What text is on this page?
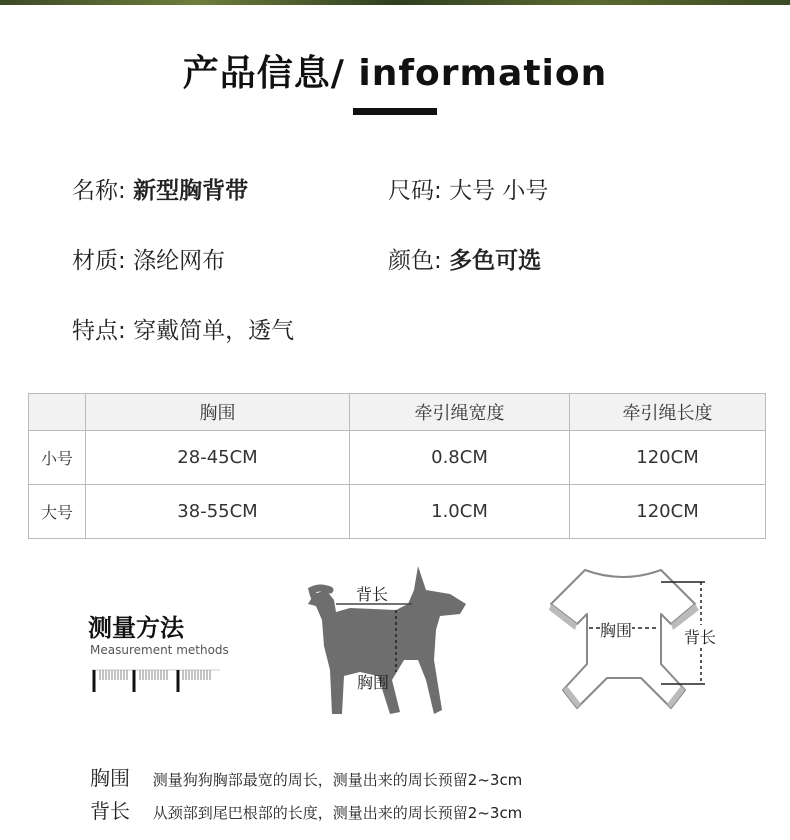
产品信息/ information
名称: 新型胸背带	尺码: 大号 小号
材质: 涤纶网布	颜色: 多色可选
特点: 穿戴简单，透气
	胸围	牵引绳宽度	牵引绳长度
小号	28-45CM	0.8CM	120CM
大号	38-55CM	1.0CM	120CM
测量方法
Measurement methods
背长
胸围
胸围	背长
胸围 测量狗狗胸部最宽的周长，测量出来的周长预留2~3cm
背长 从颈部到尾巴根部的长度，测量出来的周长预留2~3cm
